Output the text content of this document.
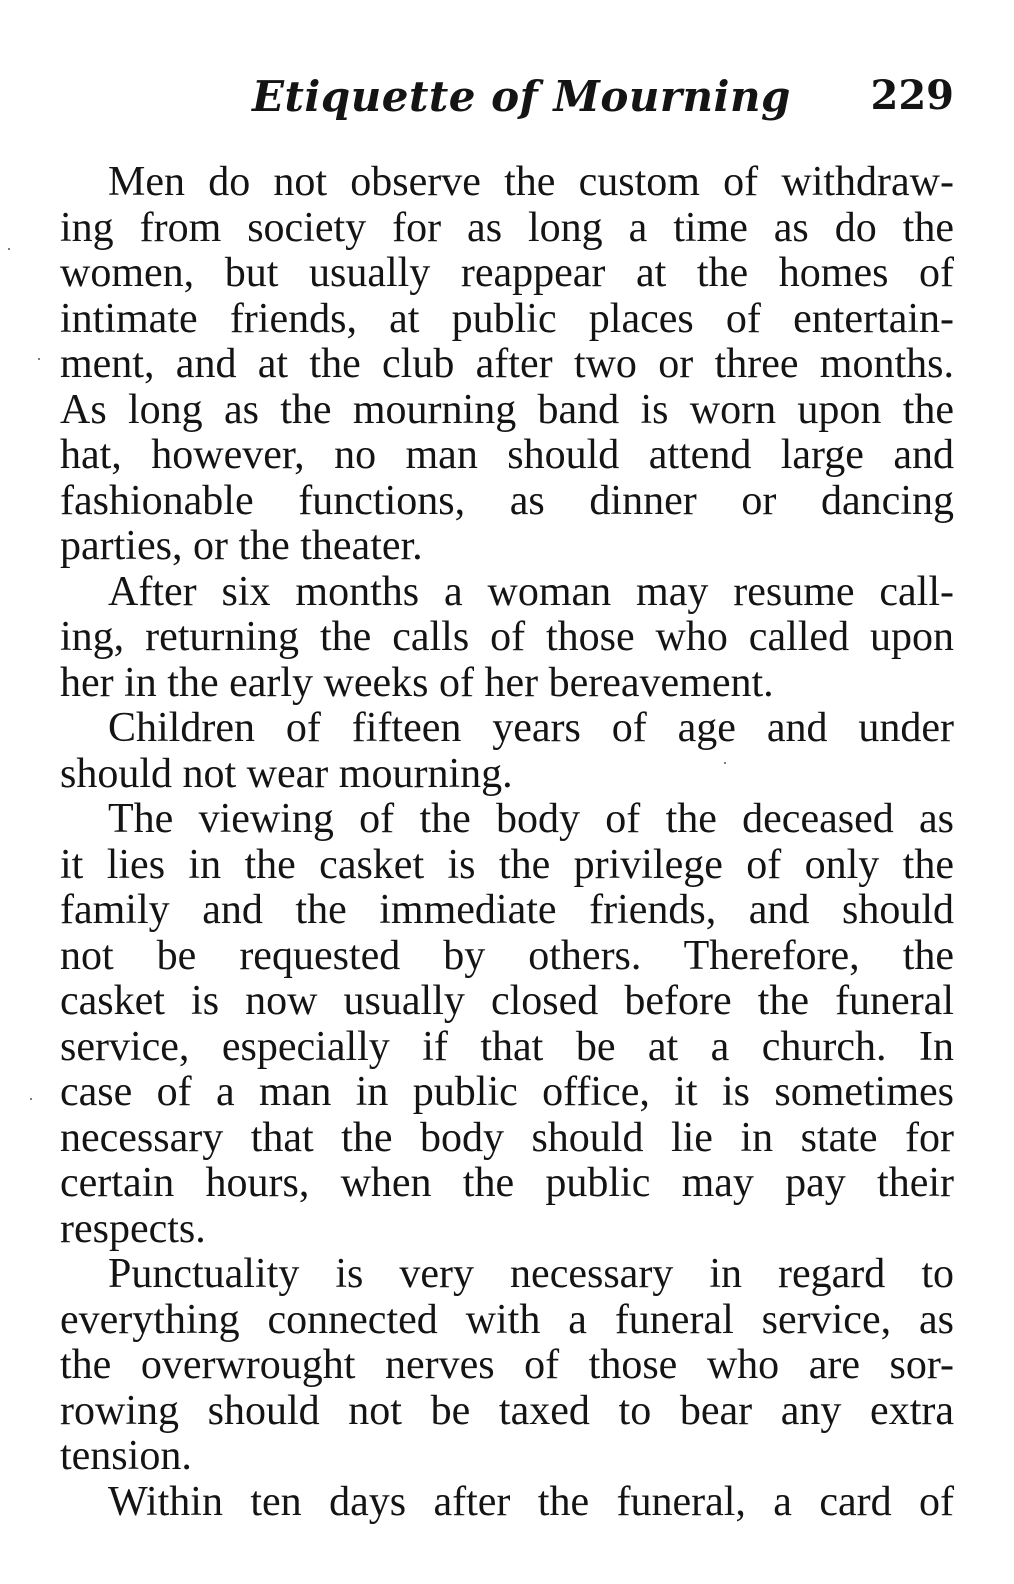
Etiquette of Mourning 229
Men do not observe the custom of withdraw-
ing from society for as long a time as do the
women, but usually reappear at the homes of
intimate friends, at public places of entertain-
ment, and at the club after two or three months.
As long as the mourning band is worn upon the
hat, however, no man should attend large and
fashionable functions, as dinner or dancing
parties, or the theater.
After six months a woman may resume call-
ing, returning the calls of those who called upon
her in the early weeks of her bereavement.
Children of fifteen years of age and under
should not wear mourning.
The viewing of the body of the deceased as
it lies in the casket is the privilege of only the
family and the immediate friends, and should
not be requested by others. Therefore, the
casket is now usually closed before the funeral
service, especially if that be at a church. In
case of a man in public office, it is sometimes
necessary that the body should lie in state for
certain hours, when the public may pay their
respects.
Punctuality is very necessary in regard to
everything connected with a funeral service, as
the overwrought nerves of those who are sor-
rowing should not be taxed to bear any extra
tension.
Within ten days after the funeral, a card of
